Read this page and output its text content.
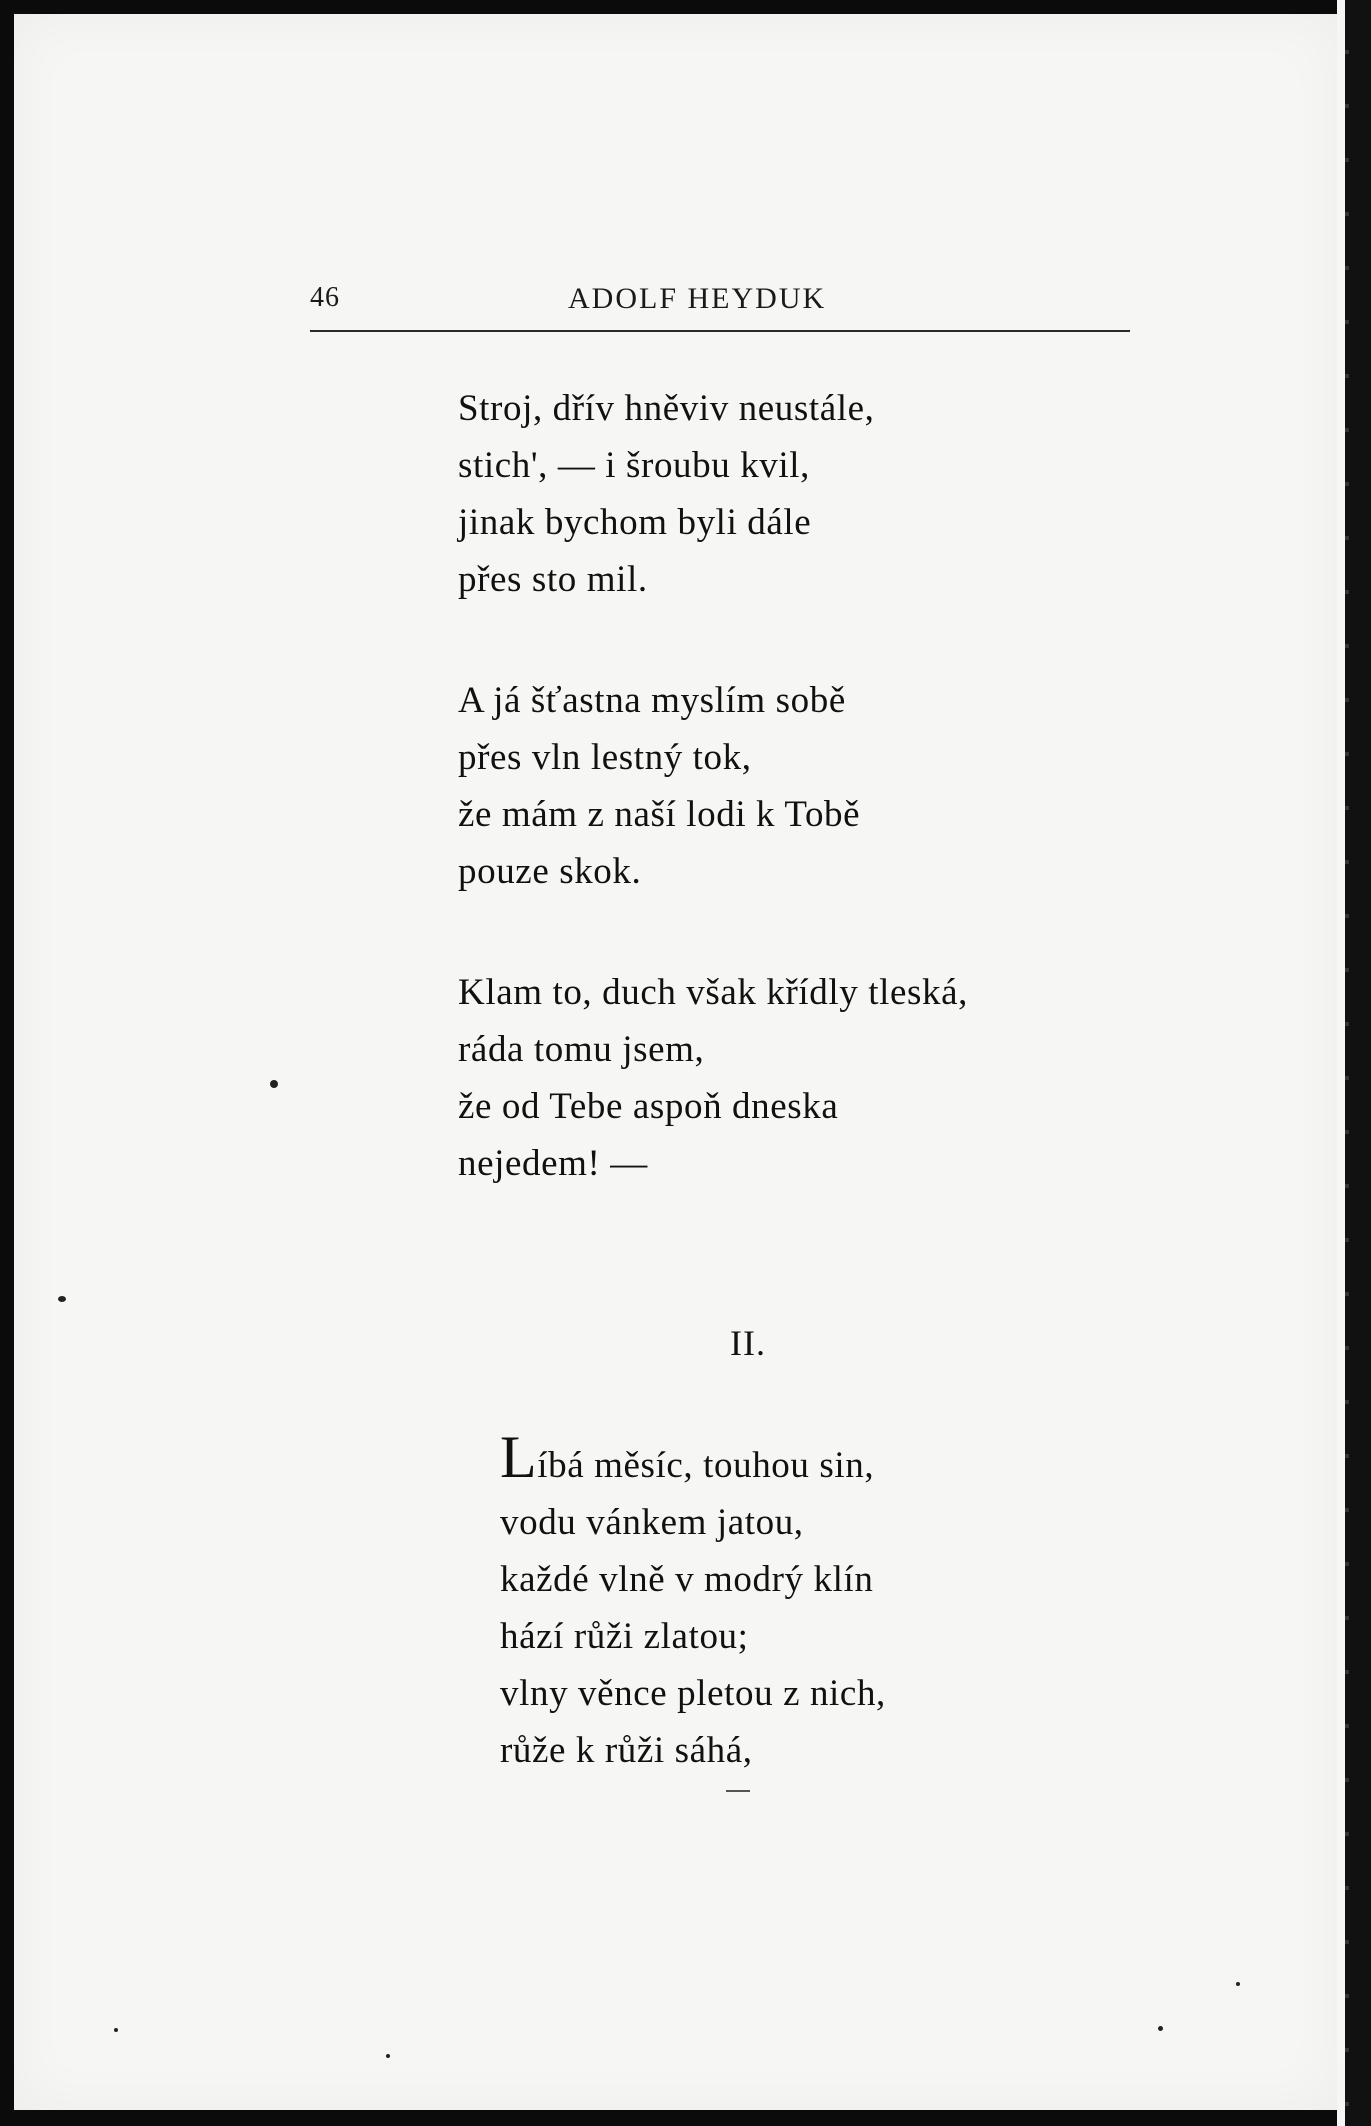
46	ADOLF HEYDUK
Stroj, dřív hněviv neustále,
stich', — i šroubu kvil,
jinak bychom byli dále
přes sto mil.
A já šťastna myslím sobě
přes vln lestný tok,
že mám z naší lodi k Tobě
pouze skok.
Klam to, duch však křídly tleská,
ráda tomu jsem,
že od Tebe aspoň dneska
nejedem! —
II.
Líbá měsíc, touhou sin,
vodu vánkem jatou,
každé vlně v modrý klín
hází růži zlatou;
vlny věnce pletou z nich,
růže k růži sáhá,
